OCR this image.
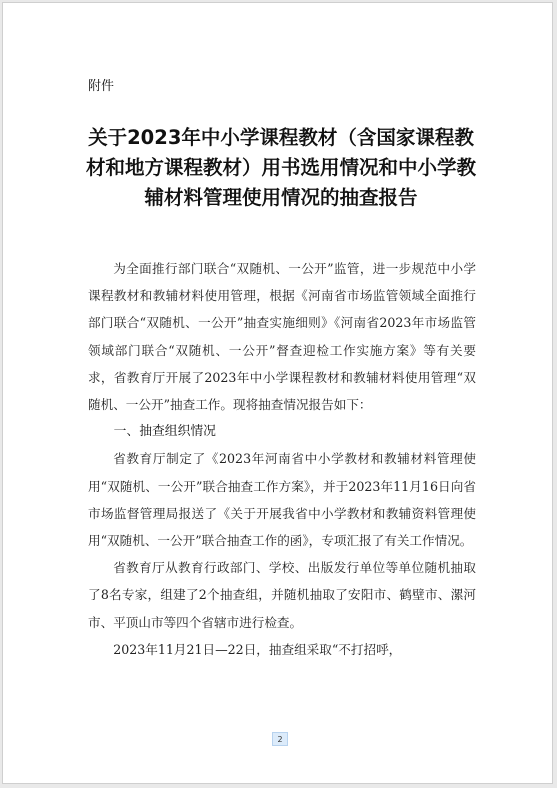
附件
关于2023年中小学课程教材（含国家课程教材和地方课程教材）用书选用情况和中小学教辅材料管理使用情况的抽查报告

为全面推行部门联合“双随机、一公开”监管，进一步规范中小学课程教材和教辅材料使用管理，根据《河南省市场监管领域全面推行部门联合“双随机、一公开”抽查实施细则》《河南省2023年市场监管领域部门联合“双随机、一公开”督查迎检工作实施方案》等有关要求，省教育厅开展了2023年中小学课程教材和教辅材料使用管理“双随机、一公开”抽查工作。现将抽查情况报告如下：

一、抽查组织情况

省教育厅制定了《2023年河南省中小学教材和教辅材料管理使用“双随机、一公开”联合抽查工作方案》，并于2023年11月16日向省市场监督管理局报送了《关于开展我省中小学教材和教辅资料管理使用“双随机、一公开”联合抽查工作的函》，专项汇报了有关工作情况。

省教育厅从教育行政部门、学校、出版发行单位等单位随机抽取了8名专家，组建了2个抽查组，并随机抽取了安阳市、鹤壁市、漯河市、平顶山市等四个省辖市进行检查。

2023年11月21日—22日，抽查组采取“不打招呼，

2
